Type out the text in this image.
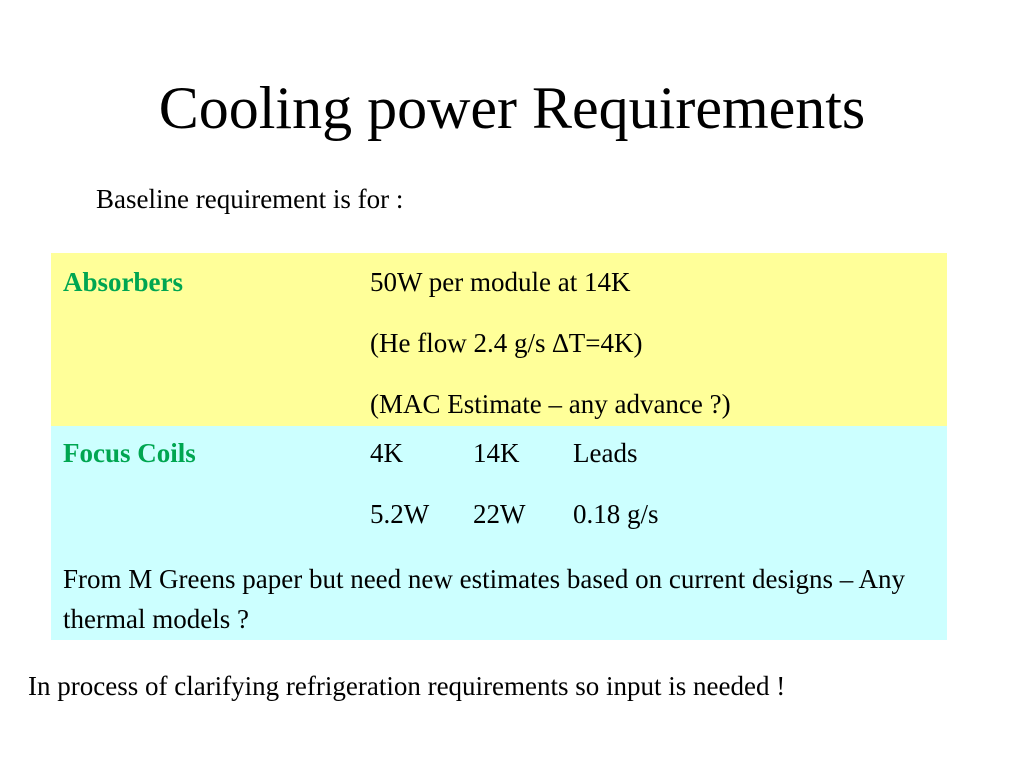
Cooling power Requirements
Baseline requirement is for :
Absorbers	50W per module at 14K
(He flow 2.4 g/s ∆T=4K)
(MAC Estimate – any advance ?)
Focus Coils	4K	14K Leads
5.2W 22W 0.18 g/s
From M Greens paper but need new estimates based on current designs – Any thermal models ?
In process of clarifying refrigeration requirements so input is needed !
